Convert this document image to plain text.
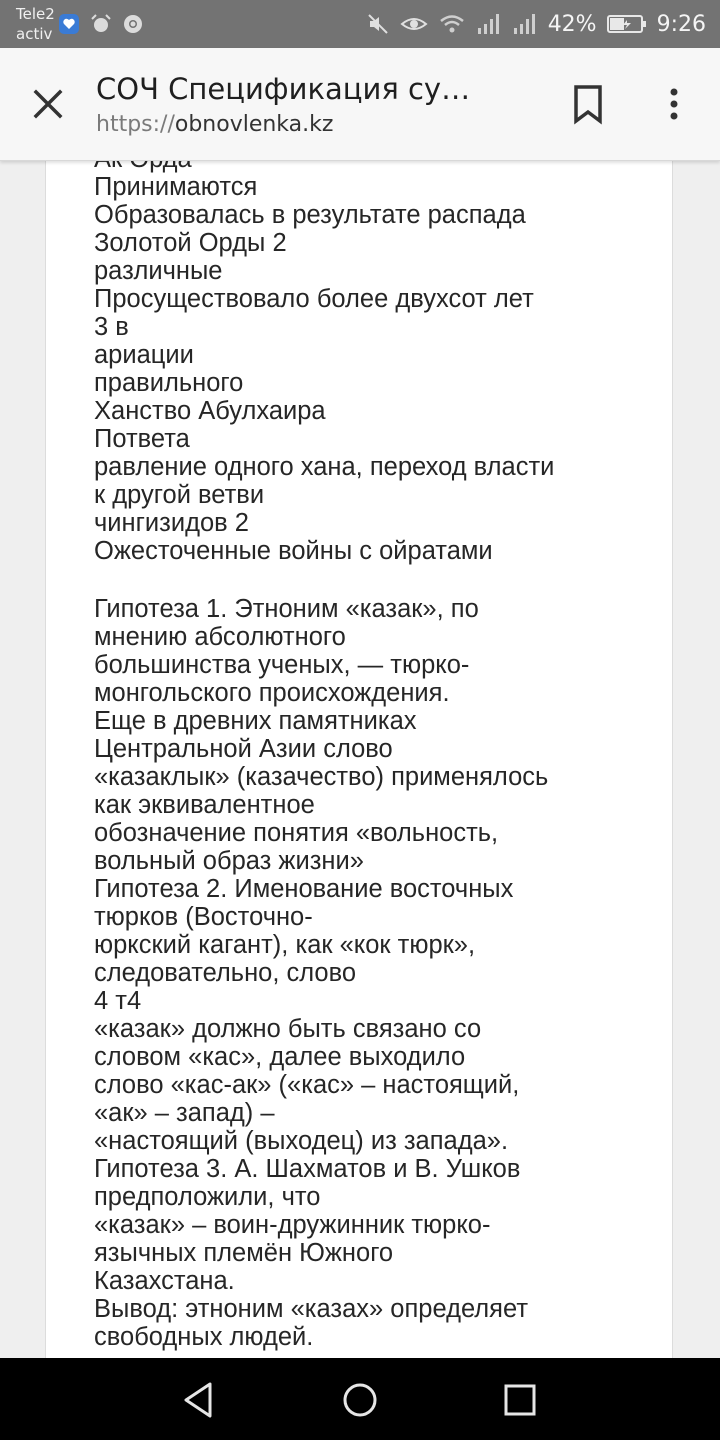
Tele2
activ	42%	9:26
СОЧ Спецификация су…
https://obnovlenka.kz
Принимаются
Образовалась в результате распада
Золотой Орды 2
различные
Просуществовало более двухсот лет
3 в
ариации
правильного
Ханство Абулхаира
Пответа
равление одного хана, переход власти
к другой ветви
чингизидов 2
Ожесточенные войны с ойратами
Гипотеза 1. Этноним «казак», по
мнению абсолютного
большинства ученых, — тюрко-
монгольского происхождения.
Еще в древних памятниках
Центральной Азии слово
«казаклык» (казачество) применялось
как эквивалентное
обозначение понятия «вольность,
вольный образ жизни»
Гипотеза 2. Именование восточных
тюрков (Восточно-
юркский кагант), как «кок тюрк»,
следовательно, слово
4 т4
«казак» должно быть связано со
словом «кас», далее выходило
слово «кас-ак» («кас» – настоящий,
«ак» – запад) –
«настоящий (выходец) из запада».
Гипотеза 3. А. Шахматов и В. Ушков
предположили, что
«казак» – воин-дружинник тюрко-
язычных племён Южного
Казахстана.
Вывод: этноним «казах» определяет
свободных людей.
